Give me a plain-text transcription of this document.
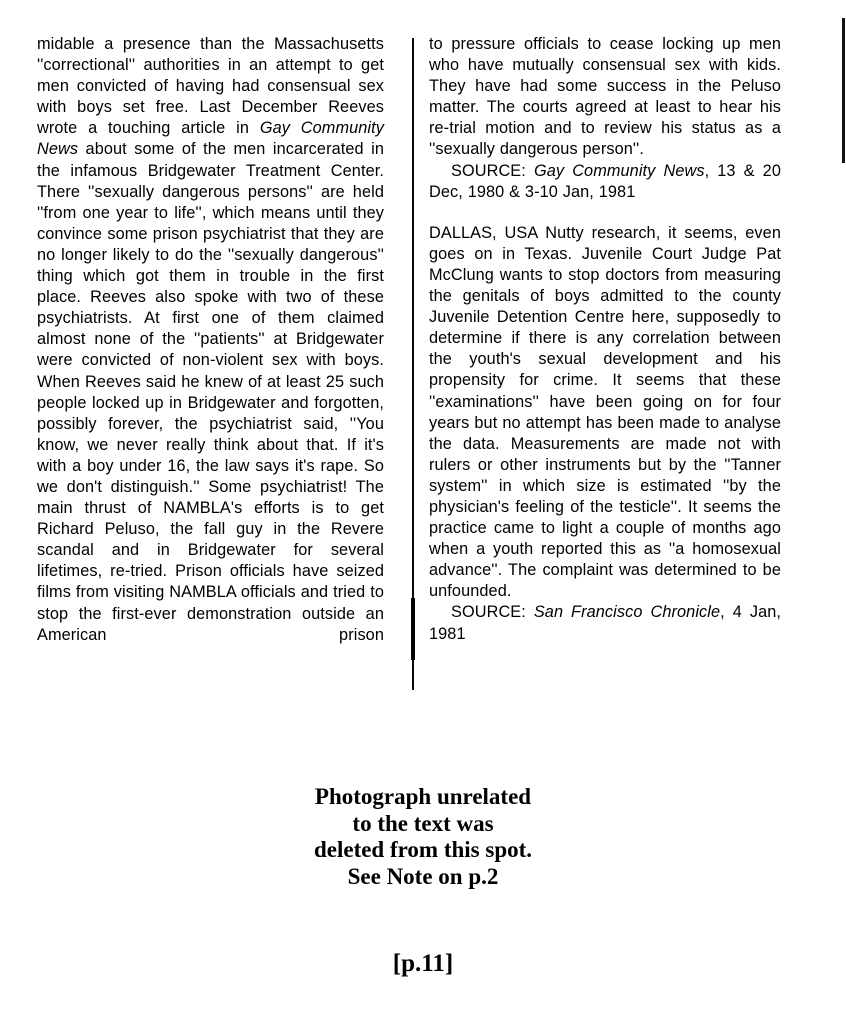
midable a presence than the Massachusetts ''correctional'' authorities in an attempt to get men convicted of having had consensual sex with boys set free. Last December Reeves wrote a touching article in Gay Community News about some of the men incarcerated in the infamous Bridgewater Treatment Center. There ''sexually dangerous persons'' are held ''from one year to life'', which means until they convince some prison psychiatrist that they are no longer likely to do the ''sexually dangerous'' thing which got them in trouble in the first place. Reeves also spoke with two of these psychiatrists. At first one of them claimed almost none of the ''patients'' at Bridgewater were convicted of non-violent sex with boys. When Reeves said he knew of at least 25 such people locked up in Bridgewater and forgotten, possibly forever, the psychiatrist said, ''You know, we never really think about that. If it's with a boy under 16, the law says it's rape. So we don't distinguish.'' Some psychiatrist! The main thrust of NAMBLA's efforts is to get Richard Peluso, the fall guy in the Revere scandal and in Bridgewater for several lifetimes, re-tried. Prison officials have seized films from visiting NAMBLA officials and tried to stop the first-ever demonstration outside an American prison

to pressure officials to cease locking up men who have mutually consensual sex with kids. They have had some success in the Peluso matter. The courts agreed at least to hear his re-trial motion and to review his status as a ''sexually dangerous person''.

SOURCE: Gay Community News, 13 & 20 Dec, 1980 & 3-10 Jan, 1981

DALLAS, USA Nutty research, it seems, even goes on in Texas. Juvenile Court Judge Pat McClung wants to stop doctors from measuring the genitals of boys admitted to the county Juvenile Detention Centre here, supposedly to determine if there is any correlation between the youth's sexual development and his propensity for crime. It seems that these ''examinations'' have been going on for four years but no attempt has been made to analyse the data. Measurements are made not with rulers or other instruments but by the ''Tanner system'' in which size is estimated ''by the physician's feeling of the testicle''. It seems the practice came to light a couple of months ago when a youth reported this as ''a homosexual advance''. The complaint was determined to be unfounded.

SOURCE: San Francisco Chronicle, 4 Jan, 1981

Photograph unrelated
to the text was
deleted from this spot.
See Note on p.2
[p.11]
